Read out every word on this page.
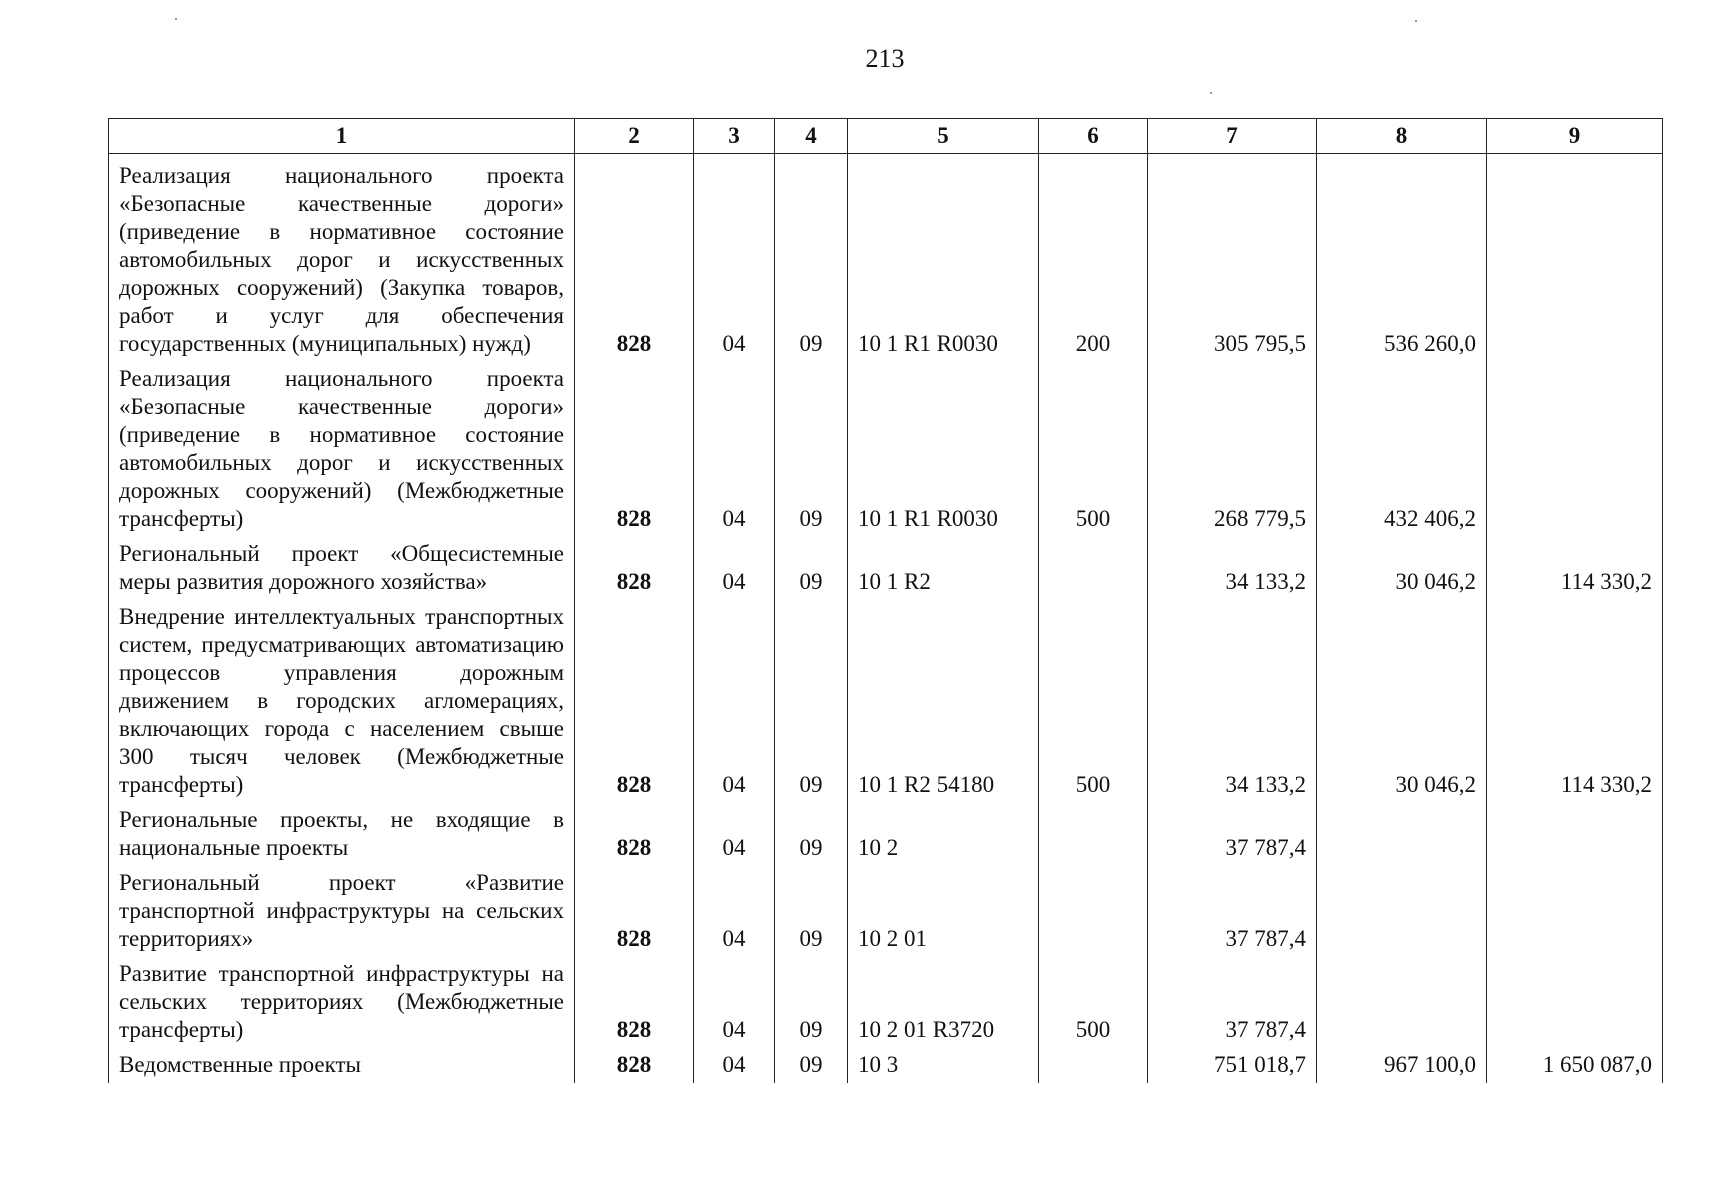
213
1	2	3	4	5	6	7	8	9
Реализация национального проекта «Безопасные качественные дороги» (приведение в нормативное состояние автомобильных дорог и искусственных дорожных сооружений) (Закупка товаров, работ и услуг для обеспечения государственных (муниципальных) нужд)	828	04	09	10 1 R1 R0030	200	305 795,5	536 260,0	
Реализация национального проекта «Безопасные качественные дороги» (приведение в нормативное состояние автомобильных дорог и искусственных дорожных сооружений) (Межбюджетные трансферты)	828	04	09	10 1 R1 R0030	500	268 779,5	432 406,2	
Региональный проект «Общесистемные меры развития дорожного хозяйства»	828	04	09	10 1 R2		34 133,2	30 046,2	114 330,2
Внедрение интеллектуальных транспортных систем, предусматривающих автоматизацию процессов управления дорожным движением в городских агломерациях, включающих города с населением свыше 300 тысяч человек (Межбюджетные трансферты)	828	04	09	10 1 R2 54180	500	34 133,2	30 046,2	114 330,2
Региональные проекты, не входящие в национальные проекты	828	04	09	10 2		37 787,4		
Региональный проект «Развитие транспортной инфраструктуры на сельских территориях»	828	04	09	10 2 01		37 787,4		
Развитие транспортной инфраструктуры на сельских территориях (Межбюджетные трансферты)	828	04	09	10 2 01 R3720	500	37 787,4		
Ведомственные проекты	828	04	09	10 3		751 018,7	967 100,0	1 650 087,0
